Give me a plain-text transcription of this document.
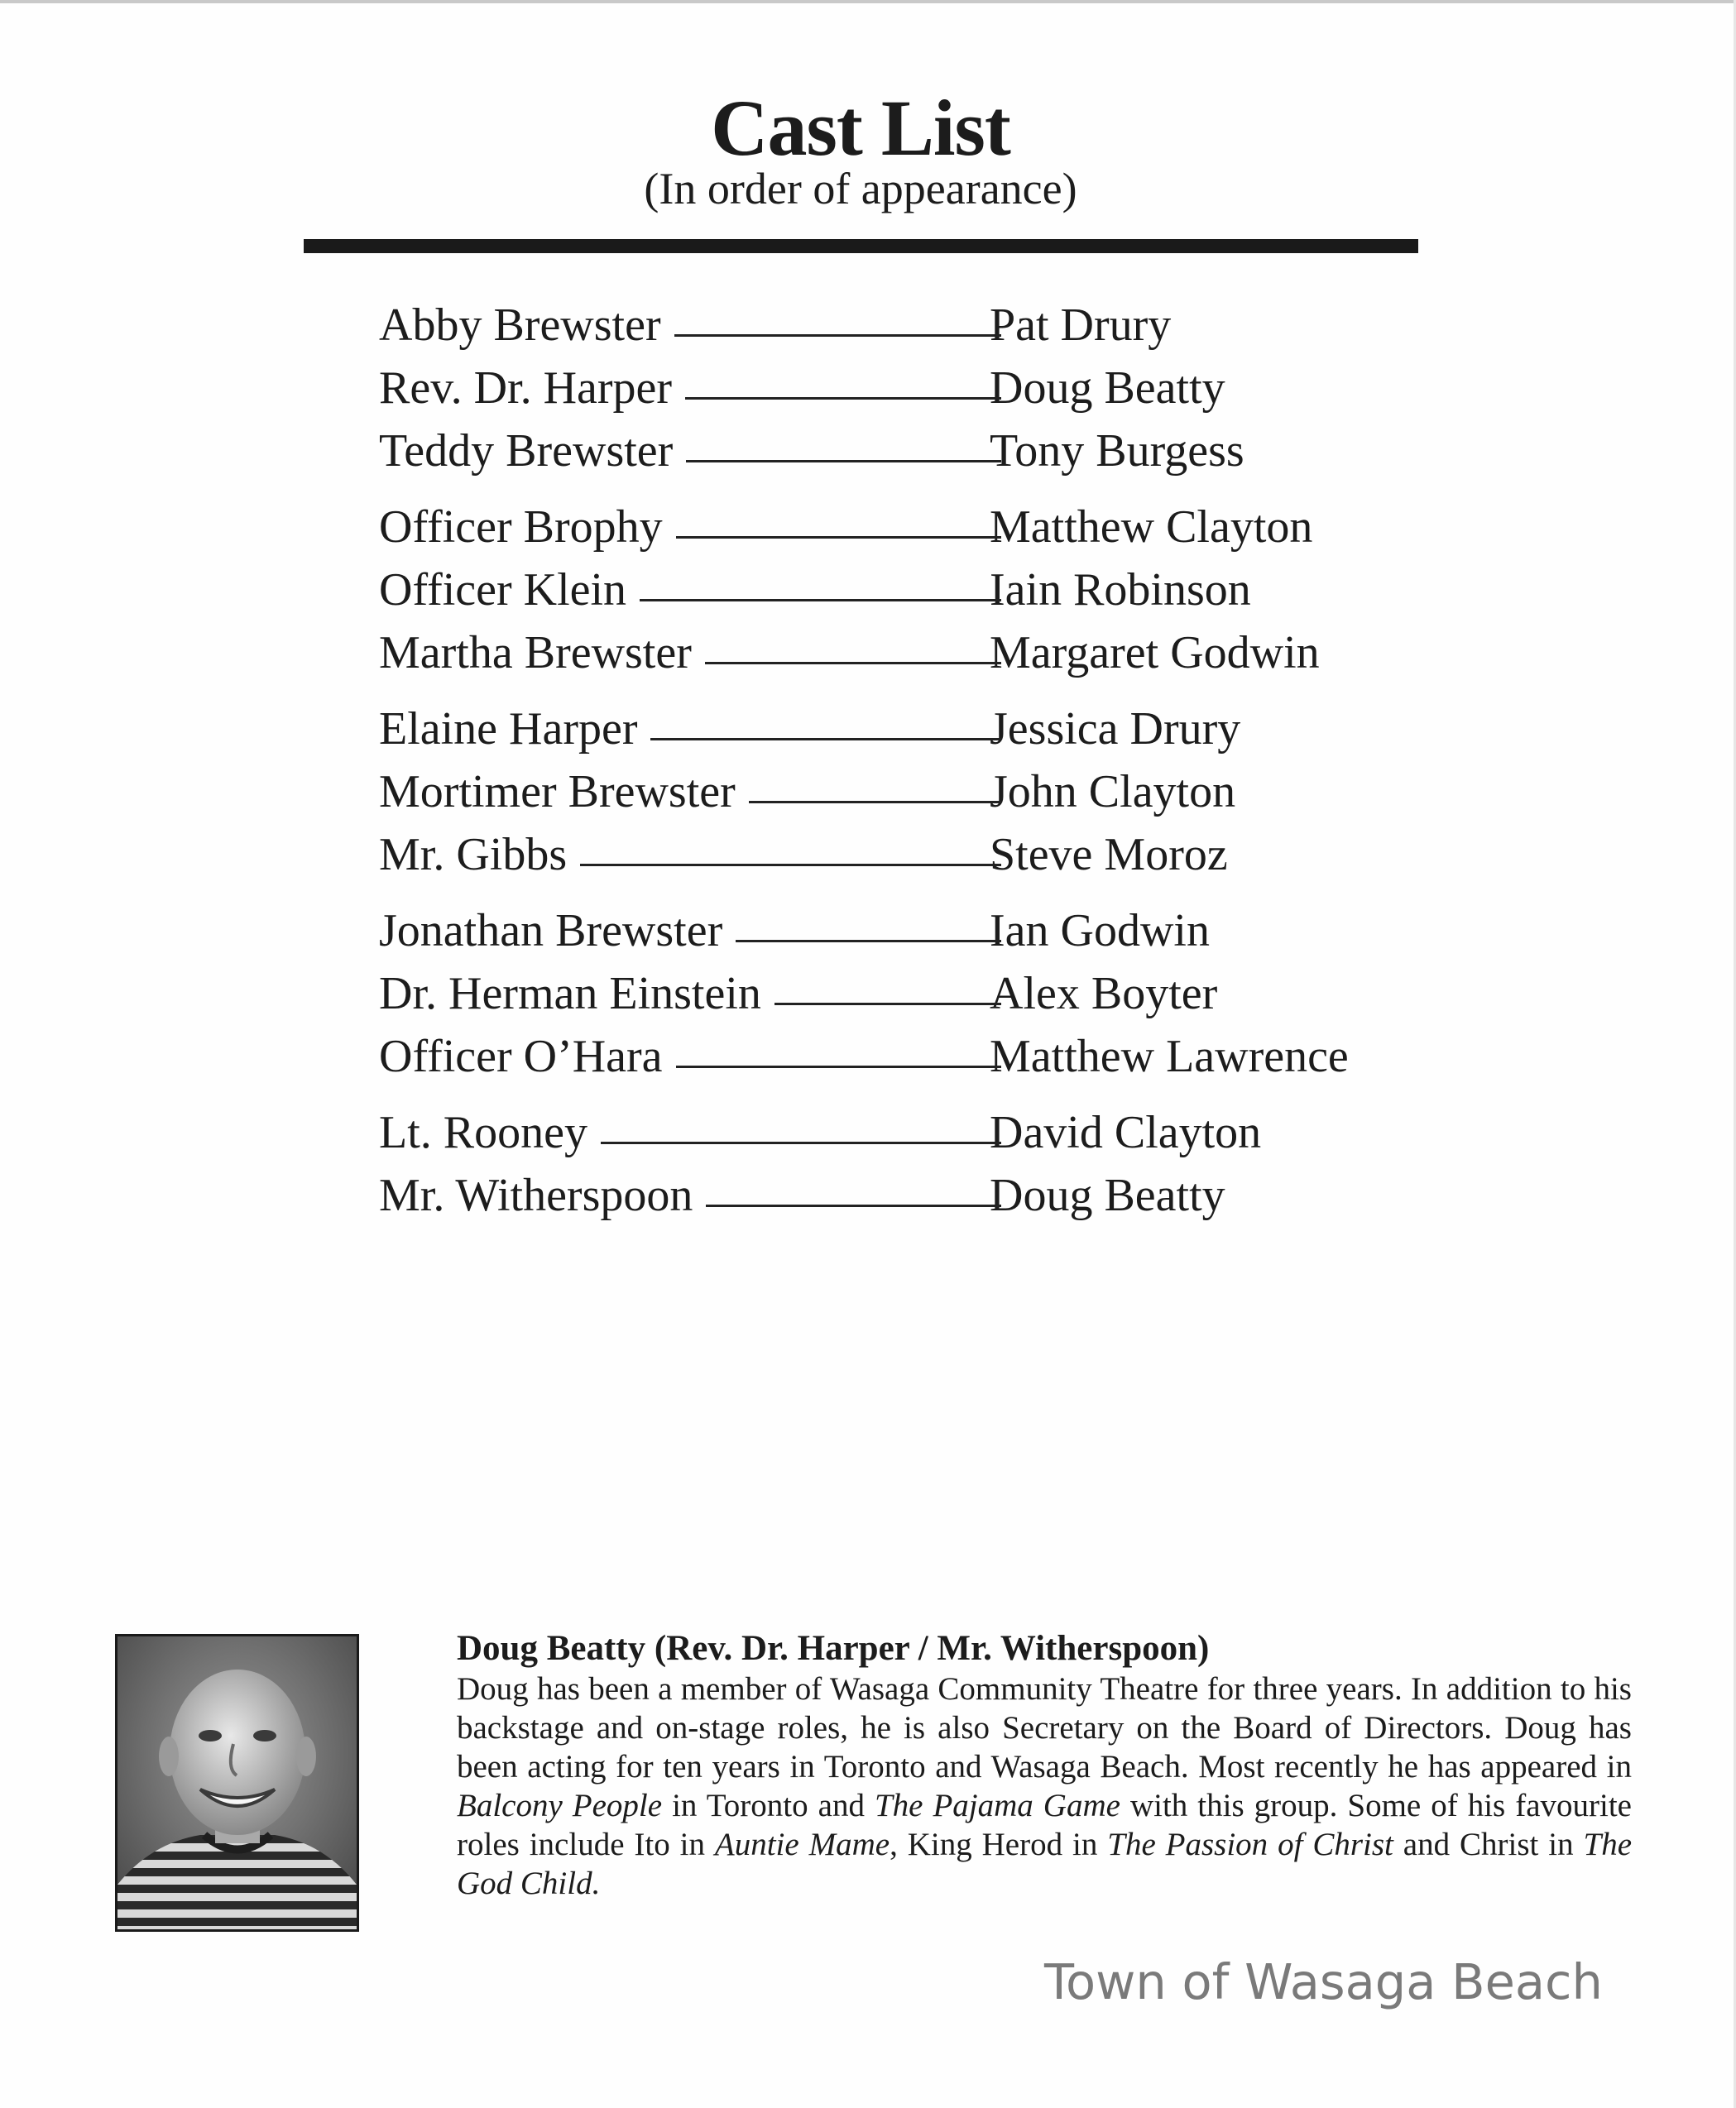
Cast List
(In order of appearance)
Abby Brewster	Pat Drury
Rev. Dr. Harper	Doug Beatty
Teddy Brewster	Tony Burgess
Officer Brophy	Matthew Clayton
Officer Klein	Iain Robinson
Martha Brewster	Margaret Godwin
Elaine Harper	Jessica Drury
Mortimer Brewster	John Clayton
Mr. Gibbs	Steve Moroz
Jonathan Brewster	Ian Godwin
Dr. Herman Einstein	Alex Boyter
Officer O’Hara	Matthew Lawrence
Lt. Rooney	David Clayton
Mr. Witherspoon	Doug Beatty
Doug Beatty (Rev. Dr. Harper / Mr. Witherspoon)
Doug has been a member of Wasaga Community Theatre for three years. In addition to his backstage and on-stage roles, he is also Secretary on the Board of Directors. Doug has been acting for ten years in Toronto and Wasaga Beach. Most recently he has appeared in Balcony People in Toronto and The Pajama Game with this group. Some of his favourite roles include Ito in Auntie Mame, King Herod in The Passion of Christ and Christ in The God Child.
Town of Wasaga Beach
